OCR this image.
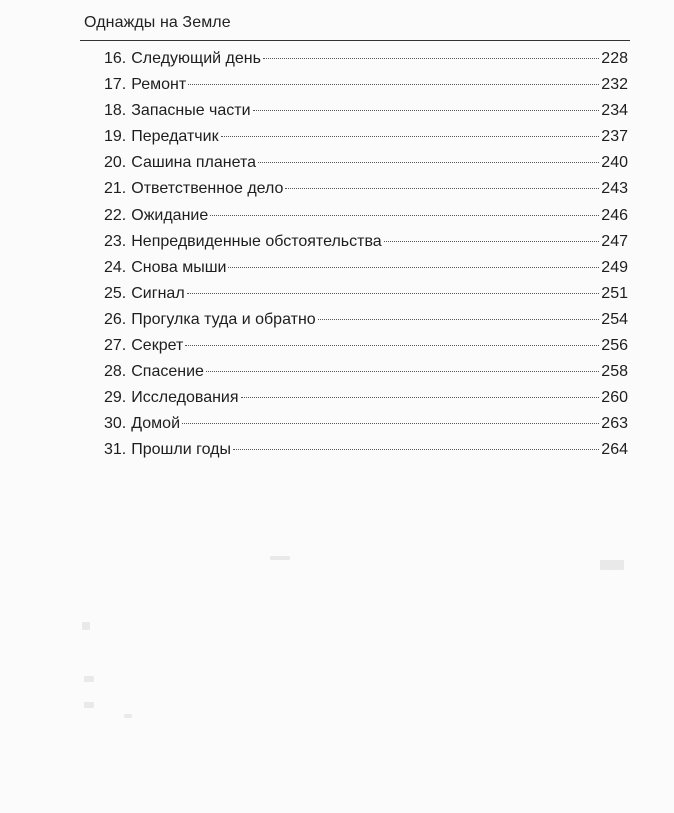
Однажды на Земле
16. Следующий день	228
17. Ремонт	232
18. Запасные части	234
19. Передатчик	237
20. Сашина планета	240
21. Ответственное дело	243
22. Ожидание	246
23. Непредвиденные обстоятельства	247
24. Снова мыши	249
25. Сигнал	251
26. Прогулка туда и обратно	254
27. Секрет	256
28. Спасение	258
29. Исследования	260
30. Домой	263
31. Прошли годы	264
